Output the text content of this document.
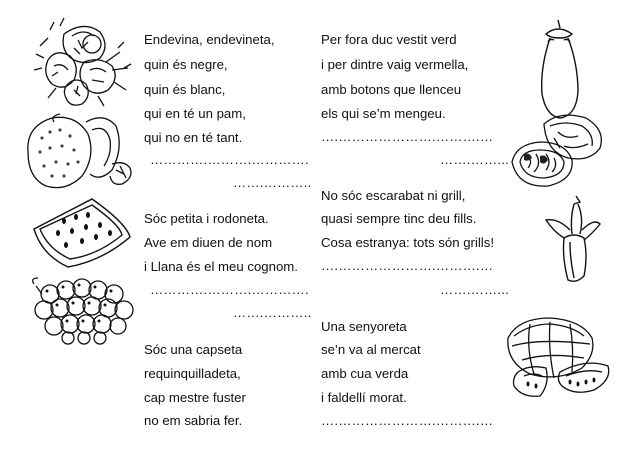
Endevina, endevineta,
quin és negre,
quin és blanc,
qui en té un pam,
qui no en té tant.
………….……….………….
…….………..
Sóc petita i rodoneta.
Ave em diuen de nom
i Llana és el meu cognom.
………….……….………….
…….………..
Sóc una capseta
requinquilladeta,
cap mestre fuster
no em sabria fer.
Per fora duc vestit verd
i per dintre vaig vermella,
amb botons que llenceu
els qui se’m mengeu.
….………………….……….…
…….……...
No sóc escarabat ni grill,
quasi sempre tinc deu fills.
Cosa estranya: tots són grills!
….………………….……….…
…….……...
Una senyoreta
se’n va al mercat
amb cua verda
i faldellí morat.
….………………….……….…
